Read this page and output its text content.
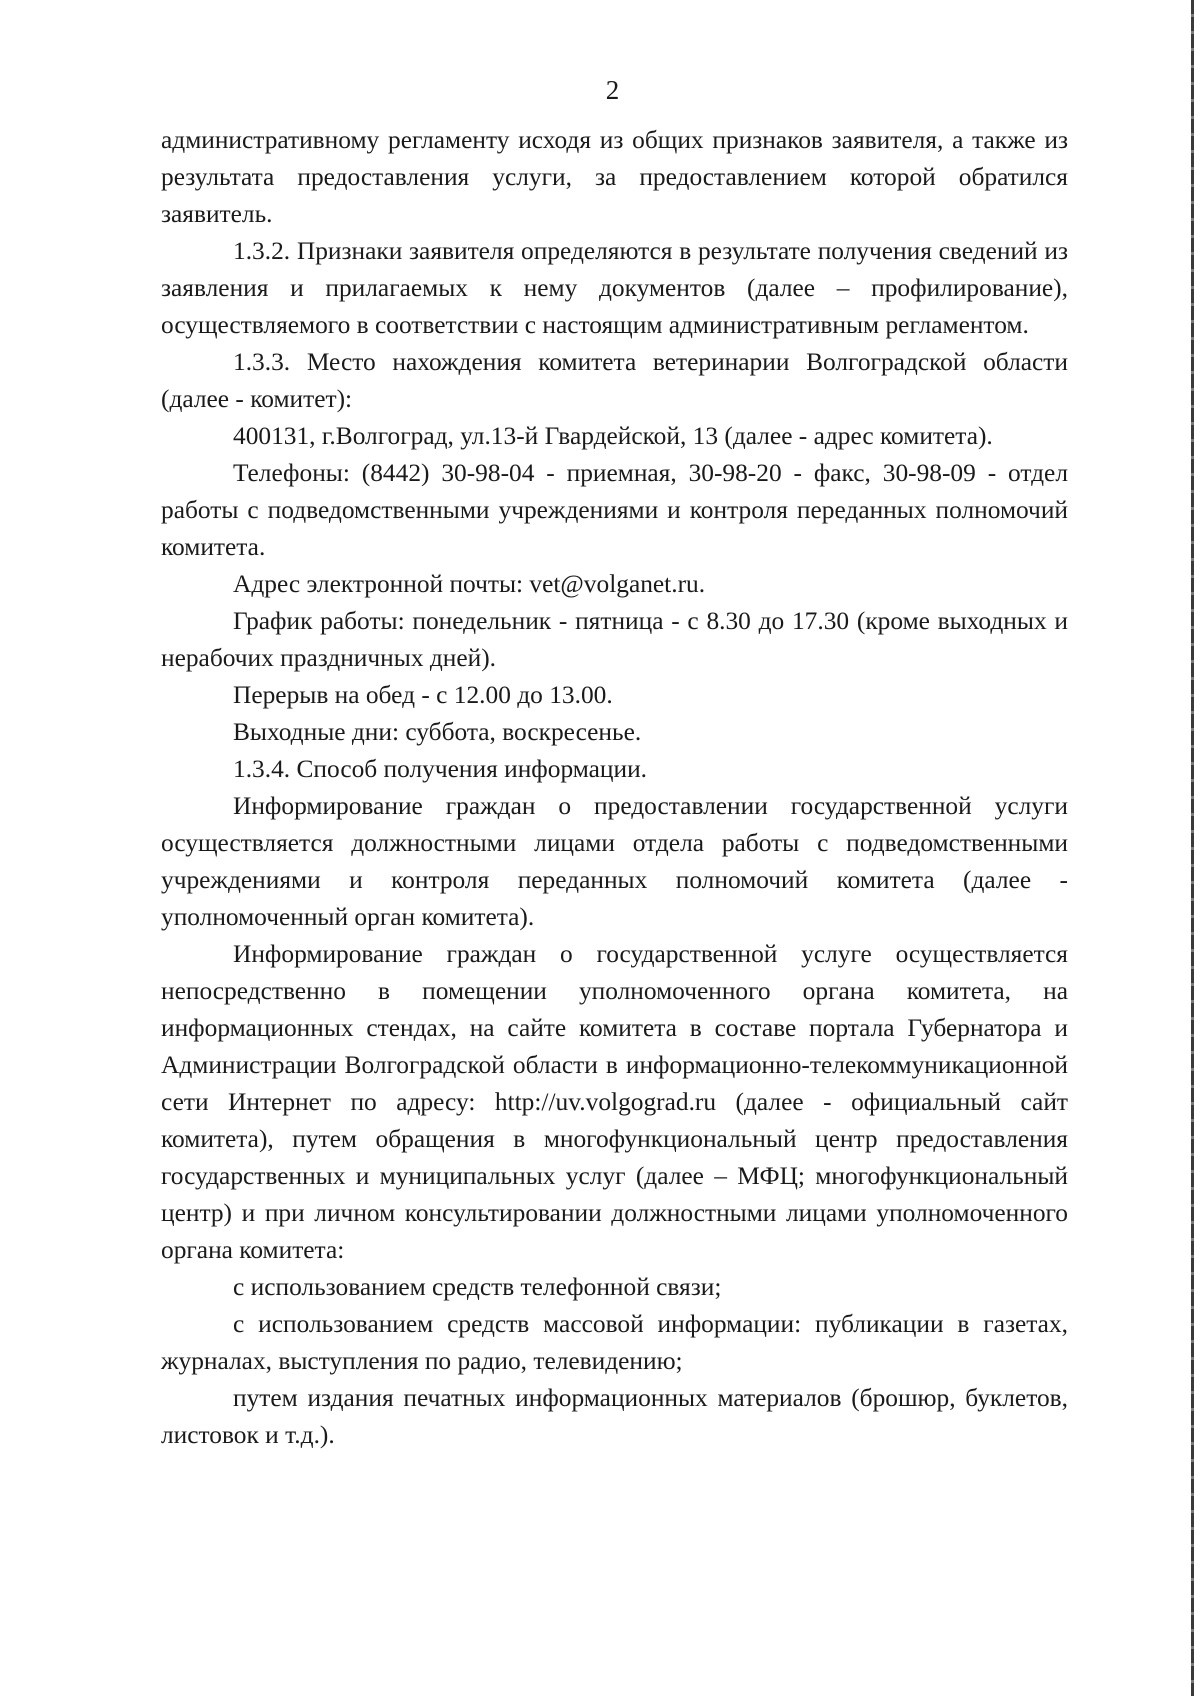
2

административному регламенту исходя из общих признаков заявителя, а также из результата предоставления услуги, за предоставлением которой обратился заявитель.

1.3.2. Признаки заявителя определяются в результате получения сведений из заявления и прилагаемых к нему документов (далее – профилирование), осуществляемого в соответствии с настоящим административным регламентом.

1.3.3. Место нахождения комитета ветеринарии Волгоградской области (далее - комитет):

400131, г.Волгоград, ул.13-й Гвардейской, 13 (далее - адрес комитета).

Телефоны: (8442) 30-98-04 - приемная, 30-98-20 - факс, 30-98-09 - отдел работы с подведомственными учреждениями и контроля переданных полномочий комитета.

Адрес электронной почты: vet@volganet.ru.

График работы: понедельник - пятница - с 8.30 до 17.30 (кроме выходных и нерабочих праздничных дней).

Перерыв на обед - с 12.00 до 13.00.

Выходные дни: суббота, воскресенье.

1.3.4. Способ получения информации.

Информирование граждан о предоставлении государственной услуги осуществляется должностными лицами отдела работы с подведомственными учреждениями и контроля переданных полномочий комитета (далее - уполномоченный орган комитета).

Информирование граждан о государственной услуге осуществляется непосредственно в помещении уполномоченного органа комитета, на информационных стендах, на сайте комитета в составе портала Губернатора и Администрации Волгоградской области в информационно-телекоммуникационной сети Интернет по адресу: http://uv.volgograd.ru (далее - официальный сайт комитета), путем обращения в многофункциональный центр предоставления государственных и муниципальных услуг (далее – МФЦ; многофункциональный центр) и при личном консультировании должностными лицами уполномоченного органа комитета:

с использованием средств телефонной связи;

с использованием средств массовой информации: публикации в газетах, журналах, выступления по радио, телевидению;

путем издания печатных информационных материалов (брошюр, буклетов, листовок и т.д.).
